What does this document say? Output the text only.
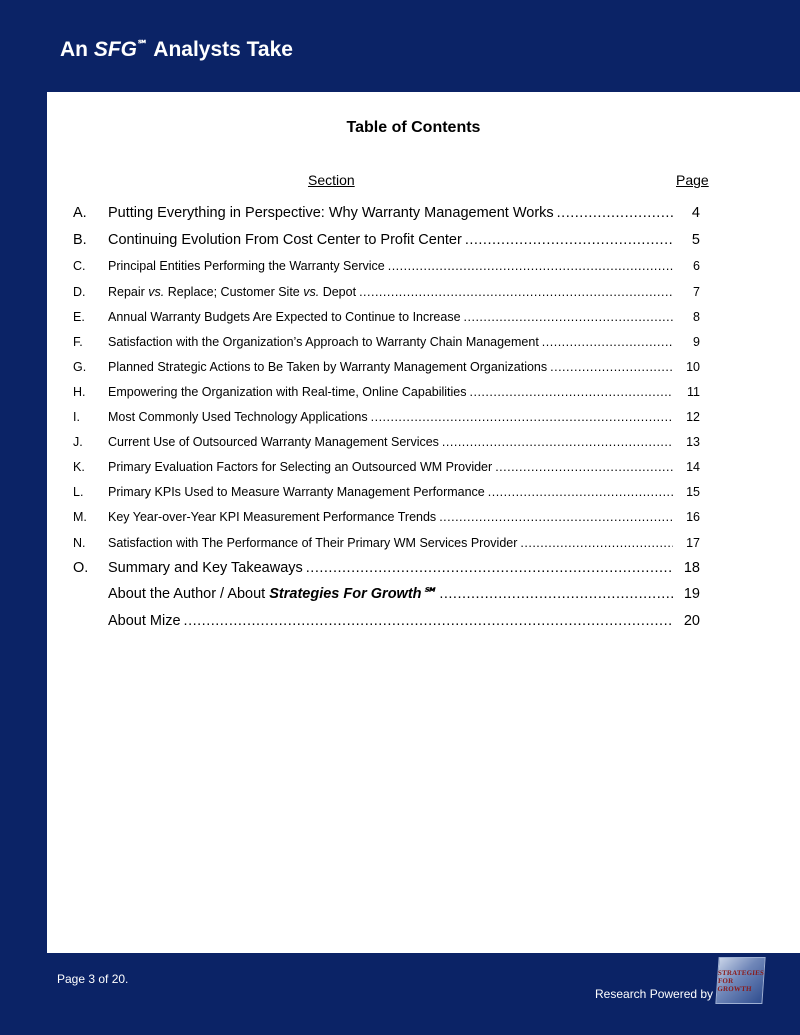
An SFG℠ Analysts Take
Table of Contents
Section	Page
A.	Putting Everything in Perspective: Why Warranty Management Works .....	4
B.	Continuing Evolution From Cost Center to Profit Center .....	5
C.	Principal Entities Performing the Warranty Service .....	6
D.	Repair vs. Replace; Customer Site vs. Depot .....	7
E.	Annual Warranty Budgets Are Expected to Continue to Increase .....	8
F.	Satisfaction with the Organization’s Approach to Warranty Chain Management .....	9
G.	Planned Strategic Actions to Be Taken by Warranty Management Organizations .....	10
H.	Empowering the Organization with Real-time, Online Capabilities .....	11
I.	Most Commonly Used Technology Applications .....	12
J.	Current Use of Outsourced Warranty Management Services .....	13
K.	Primary Evaluation Factors for Selecting an Outsourced WM Provider .....	14
L.	Primary KPIs Used to Measure Warranty Management Performance .....	15
M.	Key Year-over-Year KPI Measurement Performance Trends .....	16
N.	Satisfaction with The Performance of Their Primary WM Services Provider .....	17
O.	Summary and Key Takeaways .....	18
About the Author / About Strategies For Growth℠ .....	19
About Mize .....	20
Page 3 of 20.
Research Powered by
STRATEGIES
FOR GROWTH
